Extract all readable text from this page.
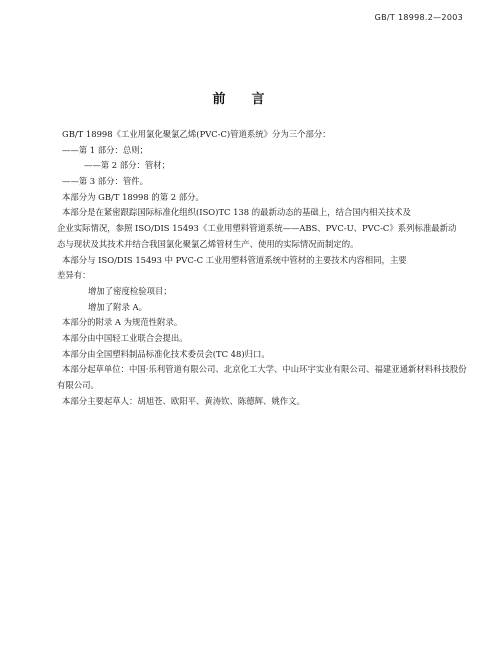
GB/T 18998.2—2003
前言
GB/T 18998《工业用氯化聚氯乙烯(PVC-C)管道系统》分为三个部分：
——第 1 部分：总则；
——第 2 部分：管材；
——第 3 部分：管件。
本部分为 GB/T 18998 的第 2 部分。
本部分是在紧密跟踪国际标准化组织(ISO)TC 138 的最新动态的基础上，结合国内相关技术及
企业实际情况，参照 ISO/DIS 15493《工业用塑料管道系统——ABS、PVC-U、PVC-C》系列标准最新动
态与现状及其技术并结合我国氯化聚氯乙烯管材生产、使用的实际情况而制定的。
本部分与 ISO/DIS 15493 中 PVC-C 工业用塑料管道系统中管材的主要技术内容相同，主要
差异有：
增加了密度检验项目；
增加了附录 A。
本部分的附录 A 为规范性附录。
本部分由中国轻工业联合会提出。
本部分由全国塑料制品标准化技术委员会(TC 48)归口。
本部分起草单位：中国·乐利管道有限公司、北京化工大学、中山环宇实业有限公司、福建亚通新材料科技股份
有限公司。
本部分主要起草人：胡旭苍、欧阳平、黄涛钦、陈德辉、姚作文。
